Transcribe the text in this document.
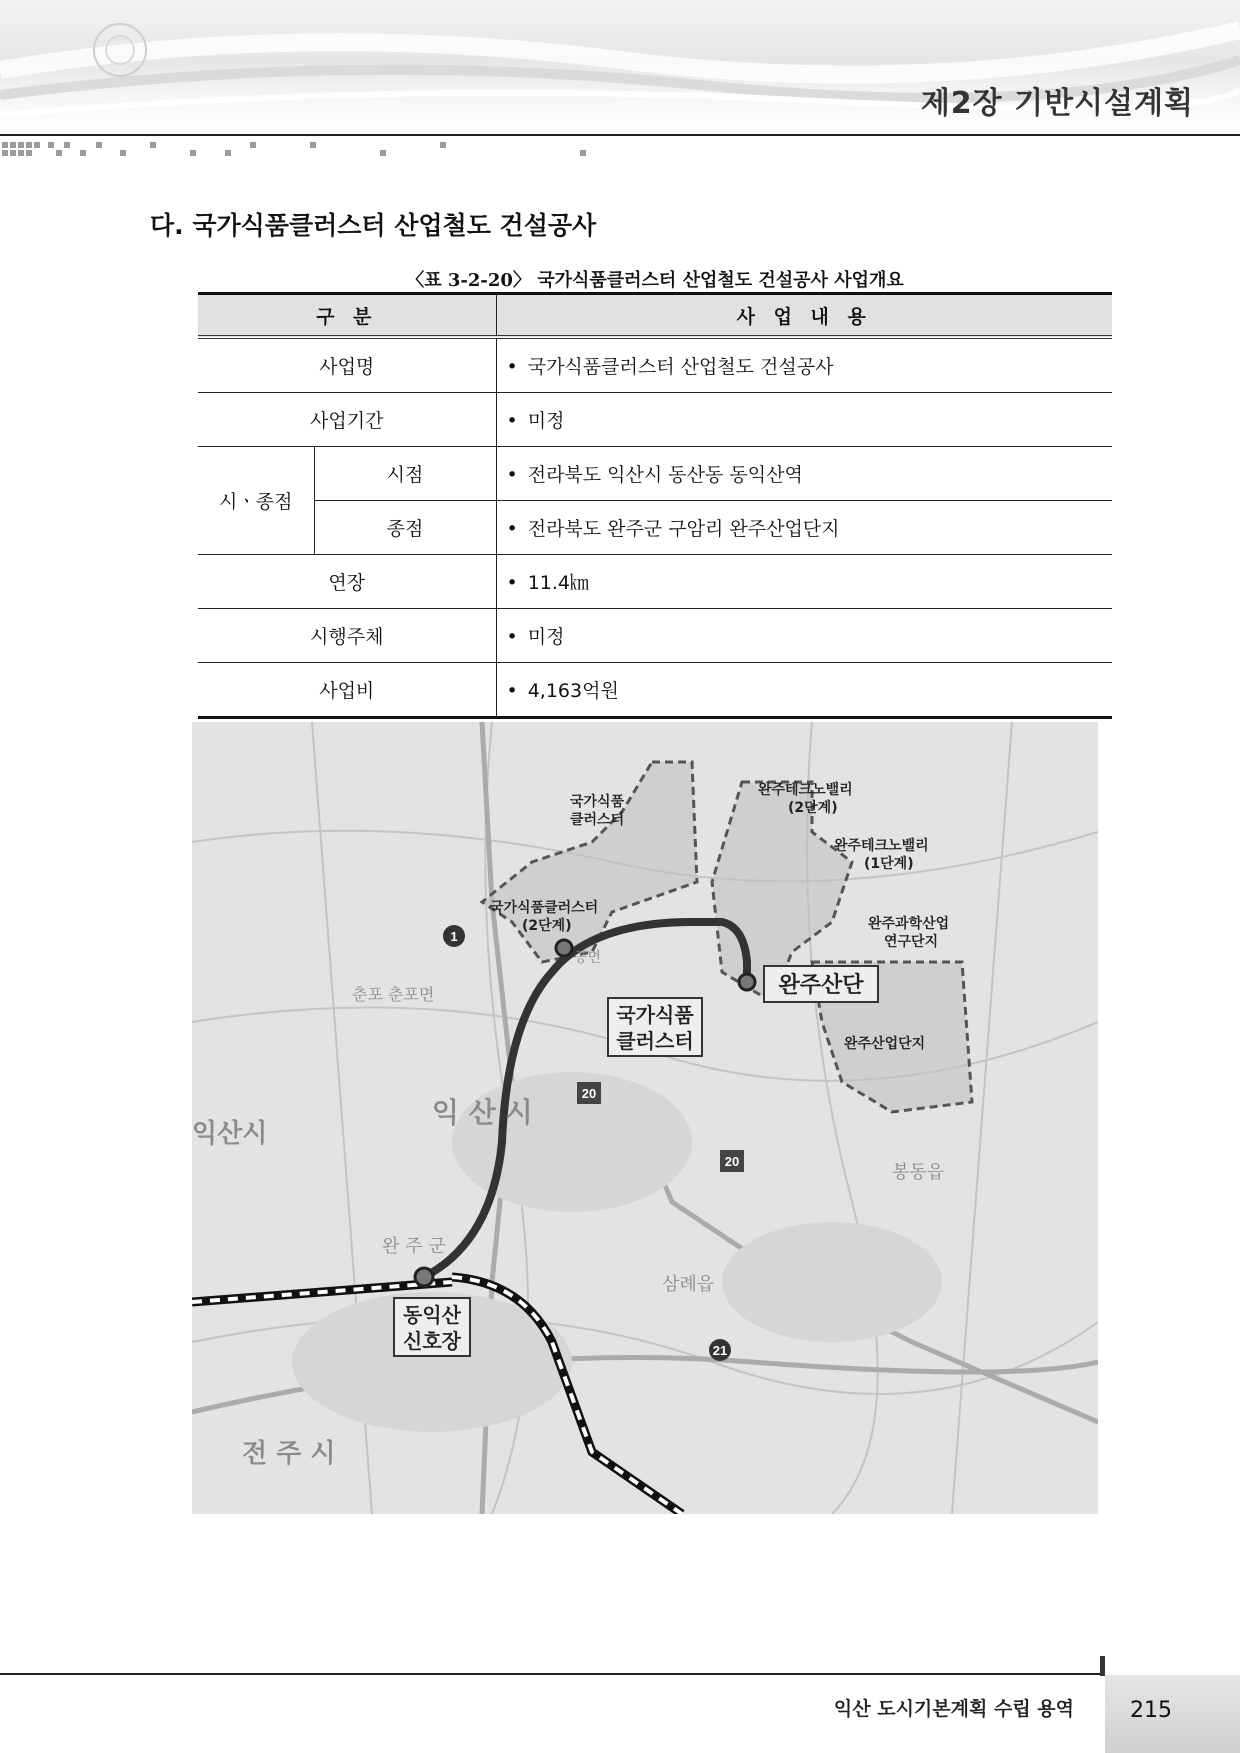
제2장 기반시설계획
다. 국가식품클러스터 산업철도 건설공사
〈표 3-2-20〉 국가식품클러스터 산업철도 건설공사 사업개요
구 분		사 업 내 용
사업명		• 국가식품클러스터 산업철도 건설공사
사업기간		• 미정
시ㆍ종점	시점	• 전라북도 익산시 동산동 동익산역
	종점	• 전라북도 완주군 구암리 완주산업단지
연장		• 11.4㎞
시행주체		• 미정
사업비		• 4,163억원
1
20
20
21
익 산 시
익산시
전 주 시
춘포 춘포면
삼례읍
봉동읍
완 주 군
공면
국가식품
클러스터
국가식품클러스터
(2단계)
완주테크노밸리
(2단계)
완주테크노밸리
(1단계)
완주과학산업
연구단지
완주산업단지
국가식품
클러스터
완주산단
동익산
신호장
익산 도시기본계획 수립 용역	215
